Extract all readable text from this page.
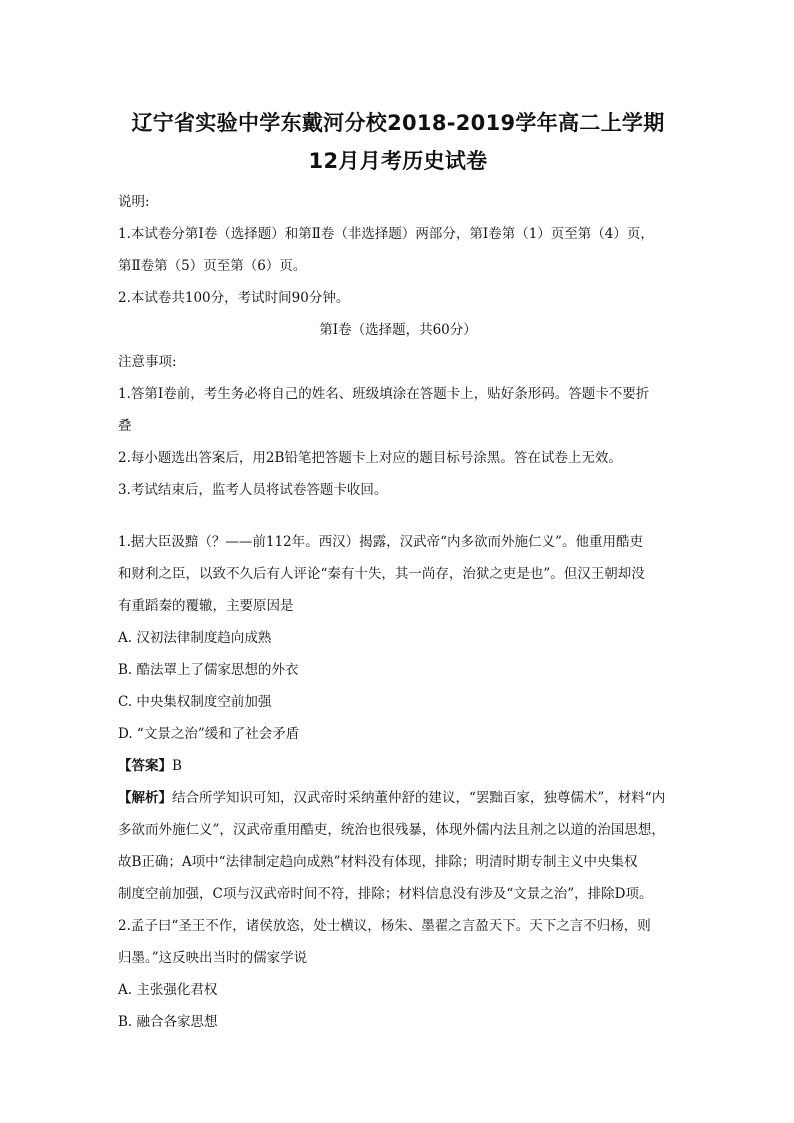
辽宁省实验中学东戴河分校2018-2019学年高二上学期
12月月考历史试卷
说明:
1.本试卷分第Ⅰ卷（选择题）和第Ⅱ卷（非选择题）两部分，第Ⅰ卷第（1）页至第（4）页，
第Ⅱ卷第（5）页至第（6）页。
2.本试卷共100分，考试时间90分钟。
第Ⅰ卷（选择题，共60分）
注意事项:
1.答第Ⅰ卷前，考生务必将自己的姓名、班级填涂在答题卡上，贴好条形码。答题卡不要折
叠
2.每小题选出答案后，用2B铅笔把答题卡上对应的题目标号涂黑。答在试卷上无效。
3.考试结束后，监考人员将试卷答题卡收回。
1.据大臣汲黯（？——前112年。西汉）揭露，汉武帝“内多欲而外施仁义”。他重用酷吏
和财利之臣，以致不久后有人评论“秦有十失，其一尚存，治狱之吏是也”。但汉王朝却没
有重蹈秦的覆辙，主要原因是
A. 汉初法律制度趋向成熟
B. 酷法罩上了儒家思想的外衣
C. 中央集权制度空前加强
D. “文景之治”缓和了社会矛盾
【答案】B
【解析】结合所学知识可知，汉武帝时采纳董仲舒的建议，“罢黜百家，独尊儒术”，材料“内
多欲而外施仁义”，汉武帝重用酷吏，统治也很残暴，体现外儒内法且剂之以道的治国思想，
故B正确；A项中“法律制定趋向成熟”材料没有体现，排除；明清时期专制主义中央集权
制度空前加强，C项与汉武帝时间不符，排除；材料信息没有涉及“文景之治”，排除D项。
2.孟子曰“圣王不作，诸侯放恣，处士横议，杨朱、墨翟之言盈天下。天下之言不归杨，则
归墨。”这反映出当时的儒家学说
A. 主张强化君权
B. 融合各家思想
